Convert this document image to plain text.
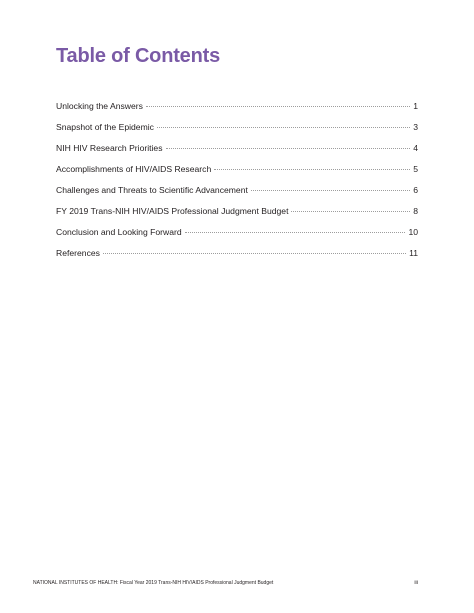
Table of Contents
Unlocking the Answers	1
Snapshot of the Epidemic	3
NIH HIV Research Priorities	4
Accomplishments of HIV/AIDS Research	5
Challenges and Threats to Scientific Advancement	6
FY 2019 Trans-NIH HIV/AIDS Professional Judgment Budget	8
Conclusion and Looking Forward	10
References	11
NATIONAL INSTITUTES OF HEALTH: Fiscal Year 2019 Trans-NIH HIV/AIDS Professional Judgment Budget	iii
